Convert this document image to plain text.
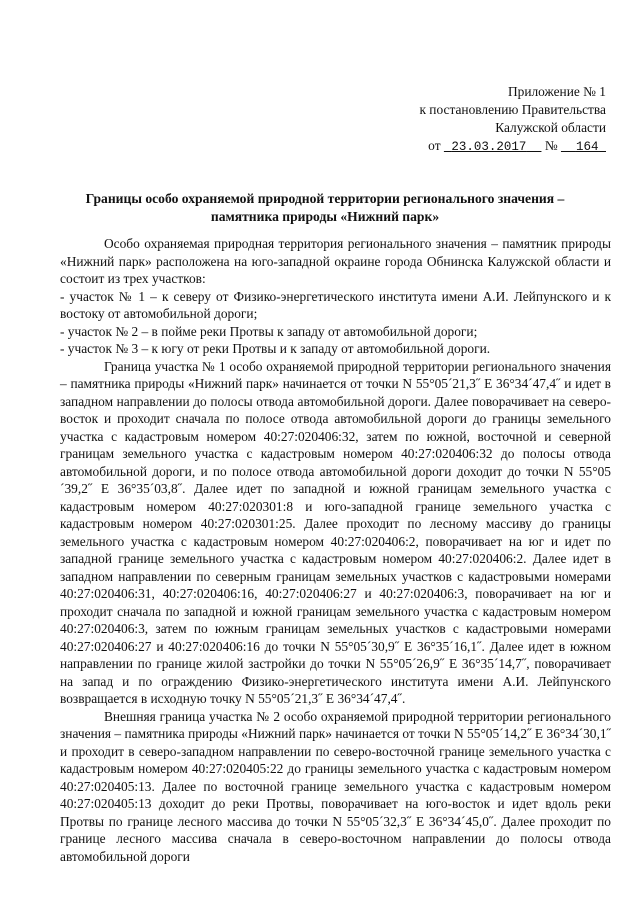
Приложение № 1
к постановлению Правительства
Калужской области
от 23.03.2017 № 164
Границы особо охраняемой природной территории регионального значения –
памятника природы «Нижний парк»

Особо охраняемая природная территория регионального значения – памятник природы «Нижний парк» расположена на юго-западной окраине города Обнинска Калужской области и состоит из трех участков:

- участок № 1 – к северу от Физико-энергетического института имени А.И. Лейпунского и к востоку от автомобильной дороги;

- участок № 2 – в пойме реки Протвы к западу от автомобильной дороги;

- участок № 3 – к югу от реки Протвы и к западу от автомобильной дороги.

Граница участка № 1 особо охраняемой природной территории регионального значения – памятника природы «Нижний парк» начинается от точки N 55°05´21,3˝ E 36°34´47,4˝ и идет в западном направлении до полосы отвода автомобильной дороги. Далее поворачивает на северо-восток и проходит сначала по полосе отвода автомобильной дороги до границы земельного участка с кадастровым номером 40:27:020406:32, затем по южной, восточной и северной границам земельного участка с кадастровым номером 40:27:020406:32 до полосы отвода автомобильной дороги, и по полосе отвода автомобильной дороги доходит до точки N 55°05´39,2˝ E 36°35´03,8˝. Далее идет по западной и южной границам земельного участка с кадастровым номером 40:27:020301:8 и юго-западной границе земельного участка с кадастровым номером 40:27:020301:25. Далее проходит по лесному массиву до границы земельного участка с кадастровым номером 40:27:020406:2, поворачивает на юг и идет по западной границе земельного участка с кадастровым номером 40:27:020406:2. Далее идет в западном направлении по северным границам земельных участков с кадастровыми номерами 40:27:020406:31, 40:27:020406:16, 40:27:020406:27 и 40:27:020406:3, поворачивает на юг и проходит сначала по западной и южной границам земельного участка с кадастровым номером 40:27:020406:3, затем по южным границам земельных участков с кадастровыми номерами 40:27:020406:27 и 40:27:020406:16 до точки N 55°05´30,9˝ E 36°35´16,1˝. Далее идет в южном направлении по границе жилой застройки до точки N 55°05´26,9˝ E 36°35´14,7˝, поворачивает на запад и по ограждению Физико-энергетического института имени А.И. Лейпунского возвращается в исходную точку N 55°05´21,3˝ E 36°34´47,4˝.

Внешняя граница участка № 2 особо охраняемой природной территории регионального значения – памятника природы «Нижний парк» начинается от точки N 55°05´14,2˝ E 36°34´30,1˝ и проходит в северо-западном направлении по северо-восточной границе земельного участка с кадастровым номером 40:27:020405:22 до границы земельного участка с кадастровым номером 40:27:020405:13. Далее по восточной границе земельного участка с кадастровым номером 40:27:020405:13 доходит до реки Протвы, поворачивает на юго-восток и идет вдоль реки Протвы по границе лесного массива до точки N 55°05´32,3˝ E 36°34´45,0˝. Далее проходит по границе лесного массива сначала в северо-восточном направлении до полосы отвода автомобильной дороги
